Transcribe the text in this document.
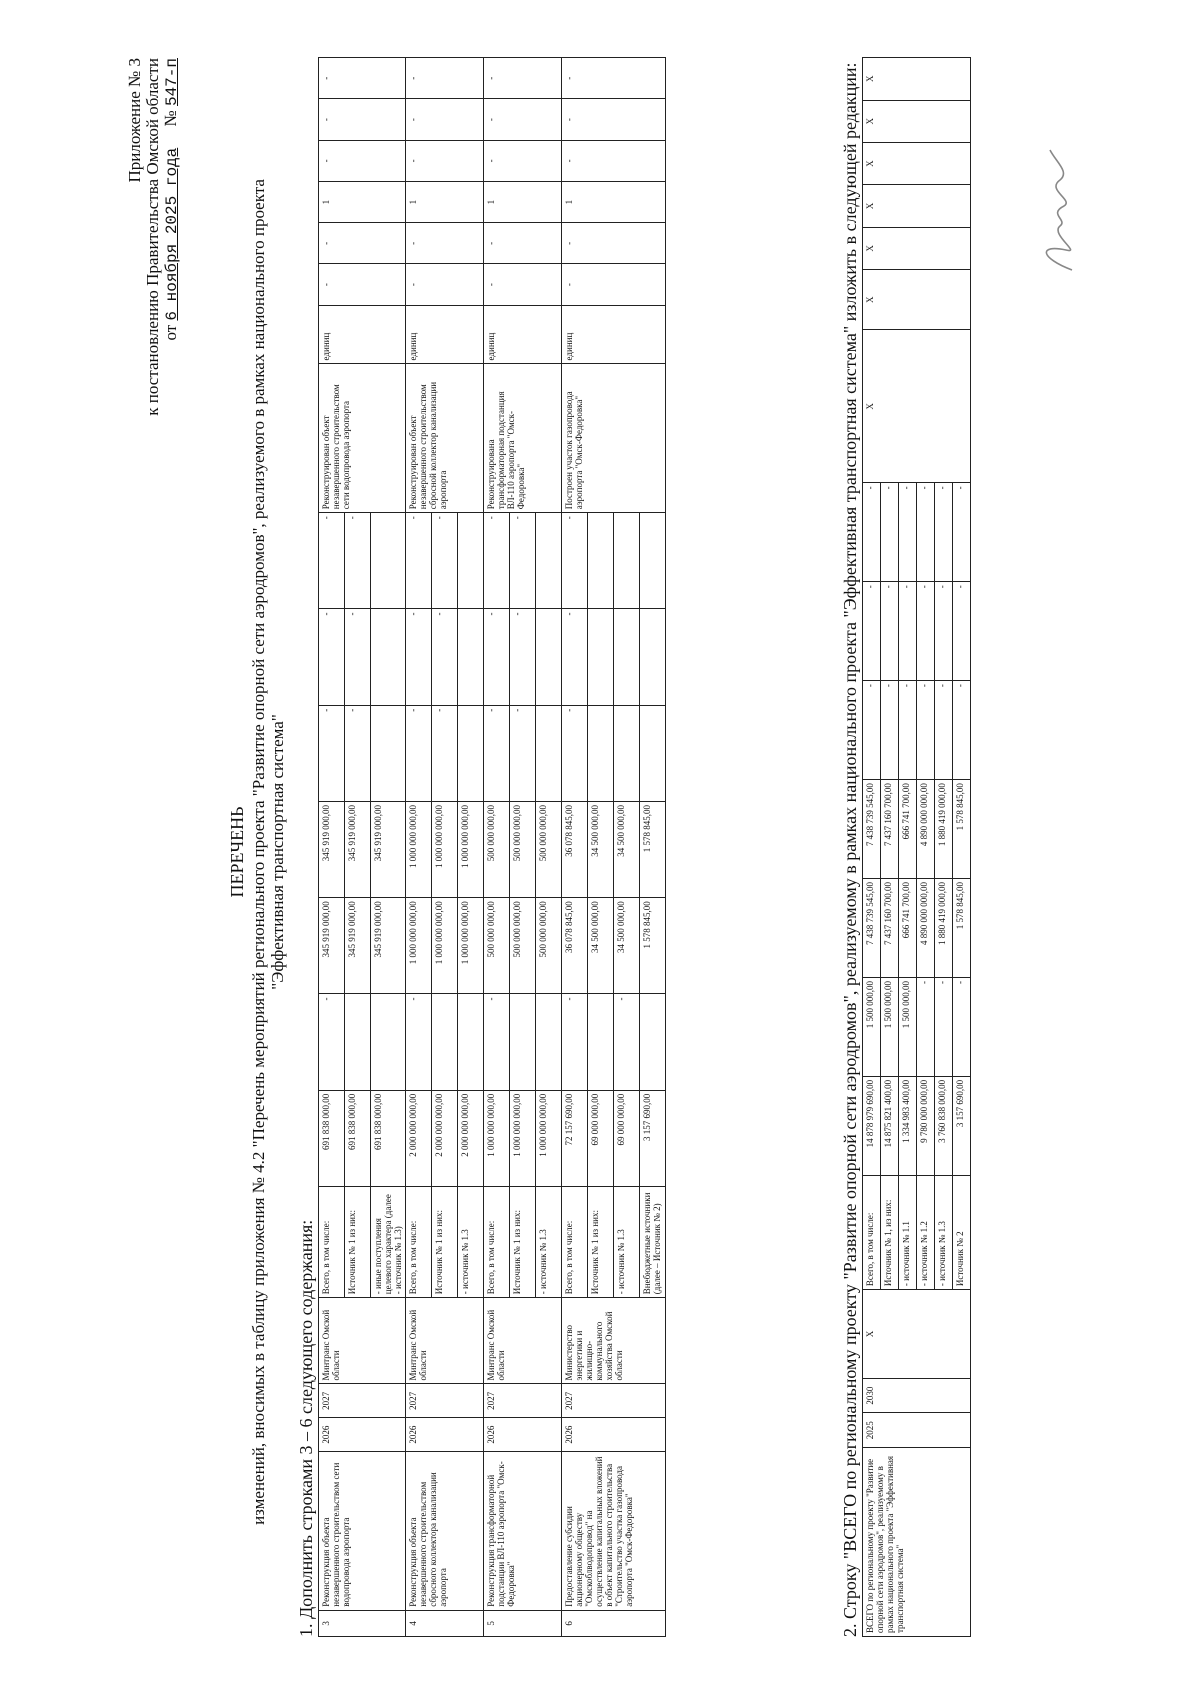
Приложение № 3 к постановлению Правительства Омской области от 6 ноября 2025 года     № 547-п
ПЕРЕЧЕНЬ изменений, вносимых в таблицу приложения № 4.2 "Перечень мероприятий регионального проекта "Развитие опорной сети аэродромов", реализуемого в рамках национального проекта "Эффективная транспортная система"
1. Дополнить строками 3 – 6 следующего содержания: 3	Реконструкция объекта незавершенного строительством сети водопровода аэропорта	2026	2027	Минтранс Омской области	Всего, в том числе:	691 838 000,00	-	345 919 000,00	345 919 000,00	-	-	-	Реконструирован объект незавершенного строительством сети водопровода аэропорта	единиц	-	-	1	-	-	-
					Источник № 1 из них:	691 838 000,00		345 919 000,00	345 919 000,00	-	-	-								
					- иные поступления целевого характера (далее - источник № 1.3)	691 838 000,00		345 919 000,00	345 919 000,00											
4	Реконструкция объекта незавершенного строительством сбросного коллектора канализации аэропорта	2026	2027	Минтранс Омской области	Всего, в том числе:	2 000 000 000,00	-	1 000 000 000,00	1 000 000 000,00	-	-	-	Реконструирован объект незавершенного строительством сбросной коллектор канализации аэропорта	единиц	-	-	1	-	-	-
					Источник № 1 из них:	2 000 000 000,00		1 000 000 000,00	1 000 000 000,00	-	-	-								
					- источник № 1.3	2 000 000 000,00		1 000 000 000,00	1 000 000 000,00											
5	Реконструкция трансформаторной подстанции ВЛ-110 аэропорта "Омск-Федоровка"	2026	2027	Минтранс Омской области	Всего, в том числе:	1 000 000 000,00	-	500 000 000,00	500 000 000,00	-	-	-	Реконструирована трансформаторная подстанция ВЛ-110 аэропорта "Омск-Федоровка"	единиц	-	-	1	-	-	-
					Источник № 1 из них:	1 000 000 000,00		500 000 000,00	500 000 000,00	-	-	-								
					- источник № 1.3	1 000 000 000,00		500 000 000,00	500 000 000,00											
6	Предоставление субсидии акционерному обществу "Омскоблводопровод" на осуществление капитальных вложений в объект капитального строительства "Строительство участка газопровода аэропорта "Омск-Федоровка"	2026	2027	Министерство энергетики и жилищно-коммунального хозяйства Омской области	Всего, в том числе:	72 157 690,00	-	36 078 845,00	36 078 845,00	-	-	-	Построен участок газопровода аэропорта "Омск-Федоровка"	единиц	-	-	1	-	-	-
					Источник № 1 из них:	69 000 000,00		34 500 000,00	34 500 000,00											
					- источник № 1.3	69 000 000,00	-	34 500 000,00	34 500 000,00											
					Внебюджетные источники (далее – Источник № 2)	3 157 690,00		1 578 845,00	1 578 845,00												2. Строку "ВСЕГО по региональному проекту "Развитие опорной сети аэродромов", реализуемому в рамках национального проекта "Эффективная транспортная система" изложить в следующей редакции: ВСЕГО по региональному проекту "Развитие опорной сети аэродромов", реализуемому в рамках национального проекта "Эффективная транспортная система"	2025	2030	X	Всего, в том числе:	14 878 979 690,00	1 500 000,00	7 438 739 545,00	7 438 739 545,00	-	-	-	X	X	X	X	X	X	X
				Источник № 1, из них:	14 875 821 400,00	1 500 000,00	7 437 160 700,00	7 437 160 700,00	-	-	-							
				- источник № 1.1	1 334 983 400,00	1 500 000,00	666 741 700,00	666 741 700,00	-	-	-							
				- источник № 1.2	9 780 000 000,00	-	4 890 000 000,00	4 890 000 000,00	-	-	-							
				- источник № 1.3	3 760 838 000,00	-	1 880 419 000,00	1 880 419 000,00	-	-	-							
				Источник № 2	3 157 690,00	-	1 578 845,00	1 578 845,00	-	-	-							
